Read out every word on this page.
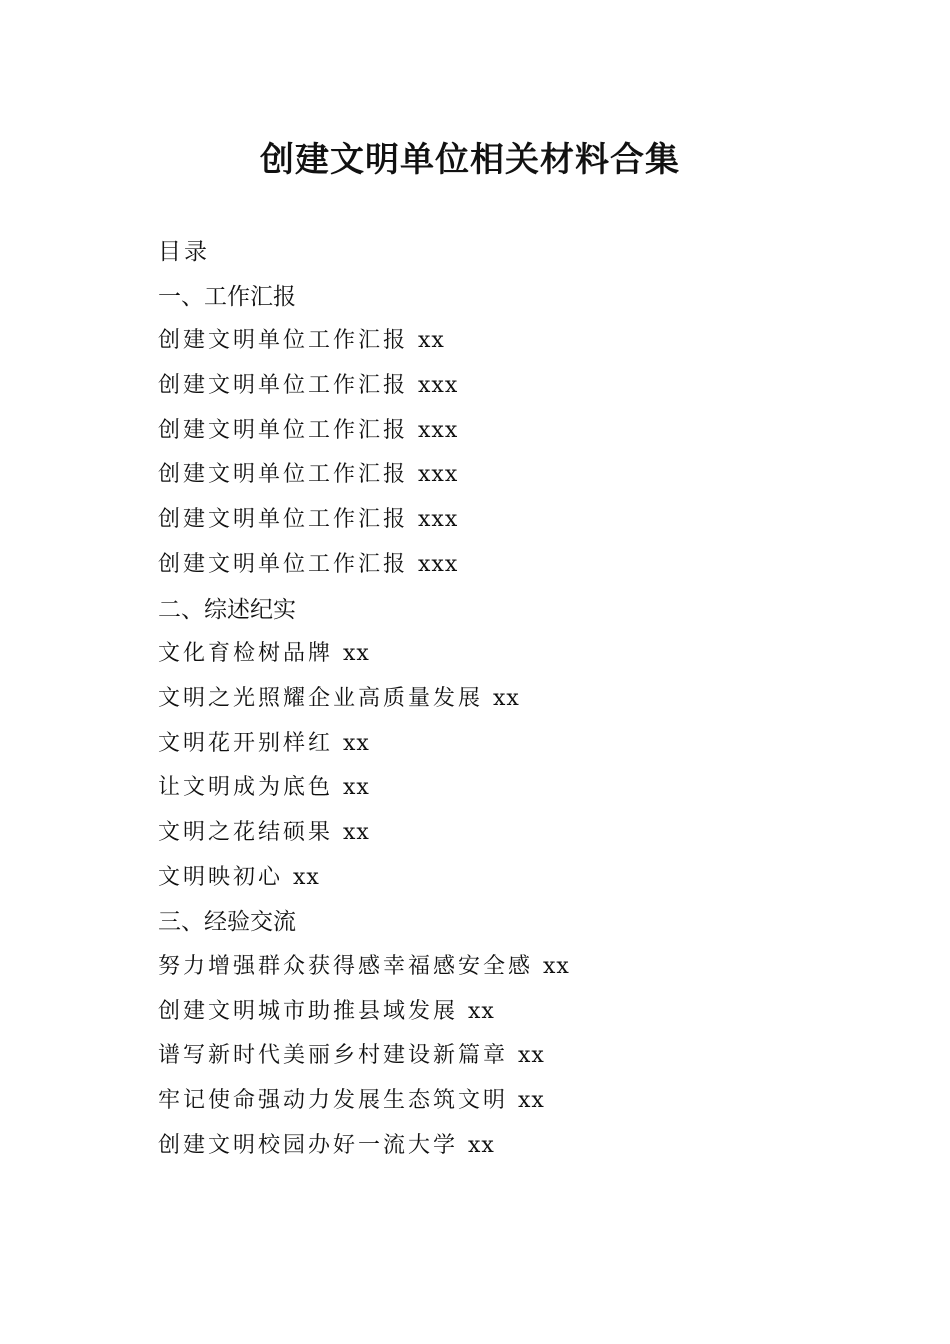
创建文明单位相关材料合集
目录
一、工作汇报
创建文明单位工作汇报 xx
创建文明单位工作汇报 xxx
创建文明单位工作汇报 xxx
创建文明单位工作汇报 xxx
创建文明单位工作汇报 xxx
创建文明单位工作汇报 xxx
二、综述纪实
文化育检树品牌 xx
文明之光照耀企业高质量发展 xx
文明花开别样红 xx
让文明成为底色 xx
文明之花结硕果 xx
文明映初心 xx
三、经验交流
努力增强群众获得感幸福感安全感 xx
创建文明城市助推县域发展 xx
谱写新时代美丽乡村建设新篇章 xx
牢记使命强动力发展生态筑文明 xx
创建文明校园办好一流大学 xx
